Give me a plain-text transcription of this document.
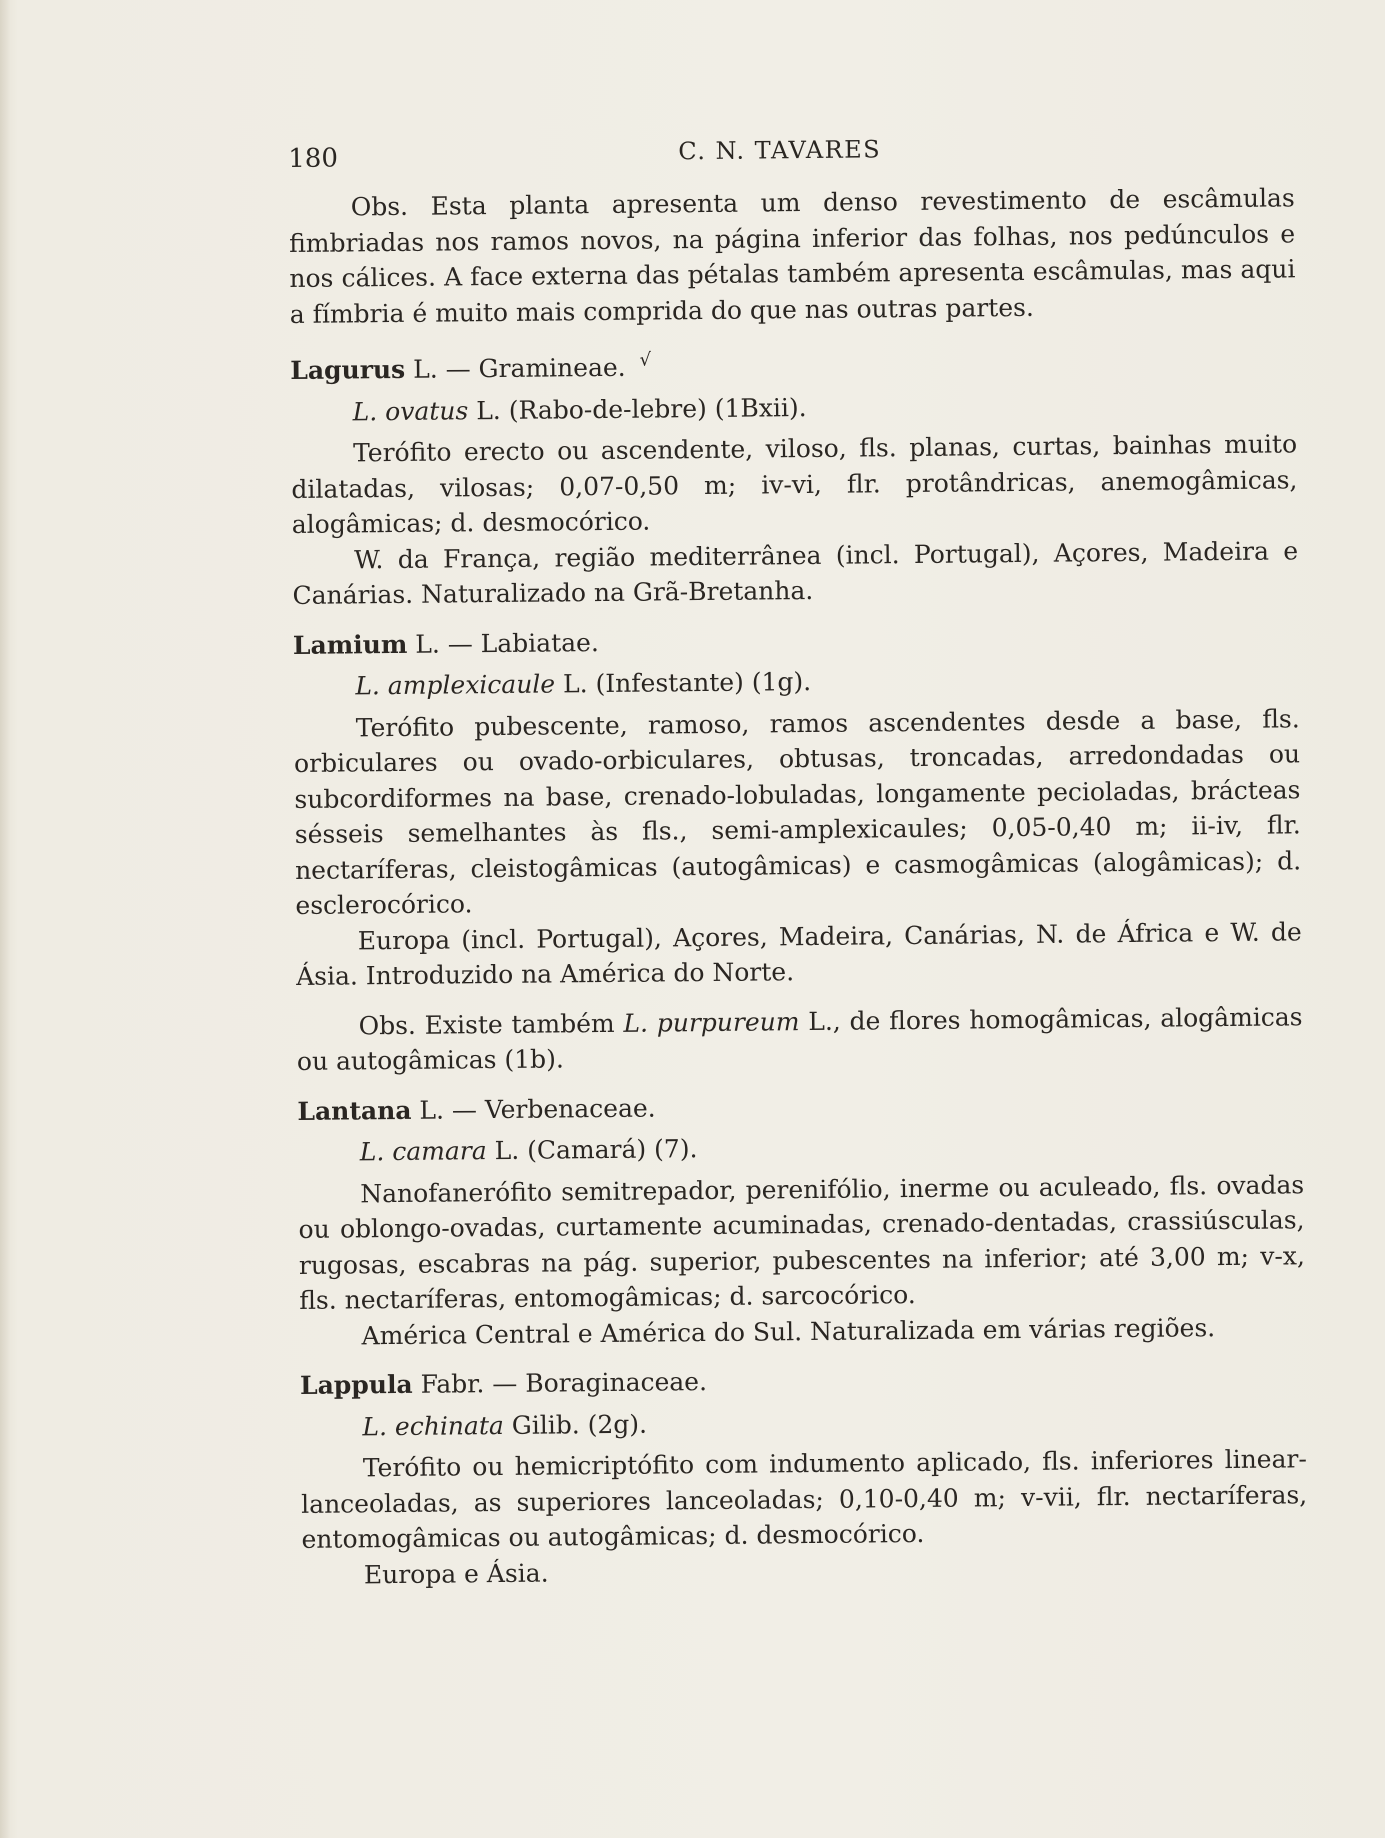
180	C. N. TAVARES

Obs. Esta planta apresenta um denso revestimento de escâmulas fimbriadas nos ramos novos, na página inferior das folhas, nos pedúnculos e nos cálices. A face externa das pétalas também apresenta escâmulas, mas aqui a fímbria é muito mais comprida do que nas outras partes.

Lagurus L. — Gramineae. √

L. ovatus L. (Rabo-de-lebre) (1Bxii).

Terófito erecto ou ascendente, viloso, fls. planas, curtas, bainhas muito dilatadas, vilosas; 0,07-0,50 m; iv-vi, flr. protândricas, anemogâmicas, alogâmicas; d. desmocórico.

W. da França, região mediterrânea (incl. Portugal), Açores, Madeira e Canárias. Naturalizado na Grã-Bretanha.

Lamium L. — Labiatae.

L. amplexicaule L. (Infestante) (1g).

Terófito pubescente, ramoso, ramos ascendentes desde a base, fls. orbiculares ou ovado-orbiculares, obtusas, troncadas, arredondadas ou subcordiformes na base, crenado-lobuladas, longamente pecioladas, brácteas sésseis semelhantes às fls., semi-amplexicaules; 0,05-0,40 m; ii-iv, flr. nectaríferas, cleistogâmicas (autogâmicas) e casmogâmicas (alogâmicas); d. esclerocórico.

Europa (incl. Portugal), Açores, Madeira, Canárias, N. de África e W. de Ásia. Introduzido na América do Norte.

Obs. Existe também L. purpureum L., de flores homogâmicas, alogâmicas ou autogâmicas (1b).

Lantana L. — Verbenaceae.

L. camara L. (Camará) (7).

Nanofanerófito semitrepador, perenifólio, inerme ou aculeado, fls. ovadas ou oblongo-ovadas, curtamente acuminadas, crenado-dentadas, crassiúsculas, rugosas, escabras na pág. superior, pubescentes na inferior; até 3,00 m; v-x, fls. nectaríferas, entomogâmicas; d. sarcocórico.

América Central e América do Sul. Naturalizada em várias regiões.

Lappula Fabr. — Boraginaceae.

L. echinata Gilib. (2g).

Terófito ou hemicriptófito com indumento aplicado, fls. inferiores linear-lanceoladas, as superiores lanceoladas; 0,10-0,40 m; v-vii, flr. nectaríferas, entomogâmicas ou autogâmicas; d. desmocórico.

Europa e Ásia.
